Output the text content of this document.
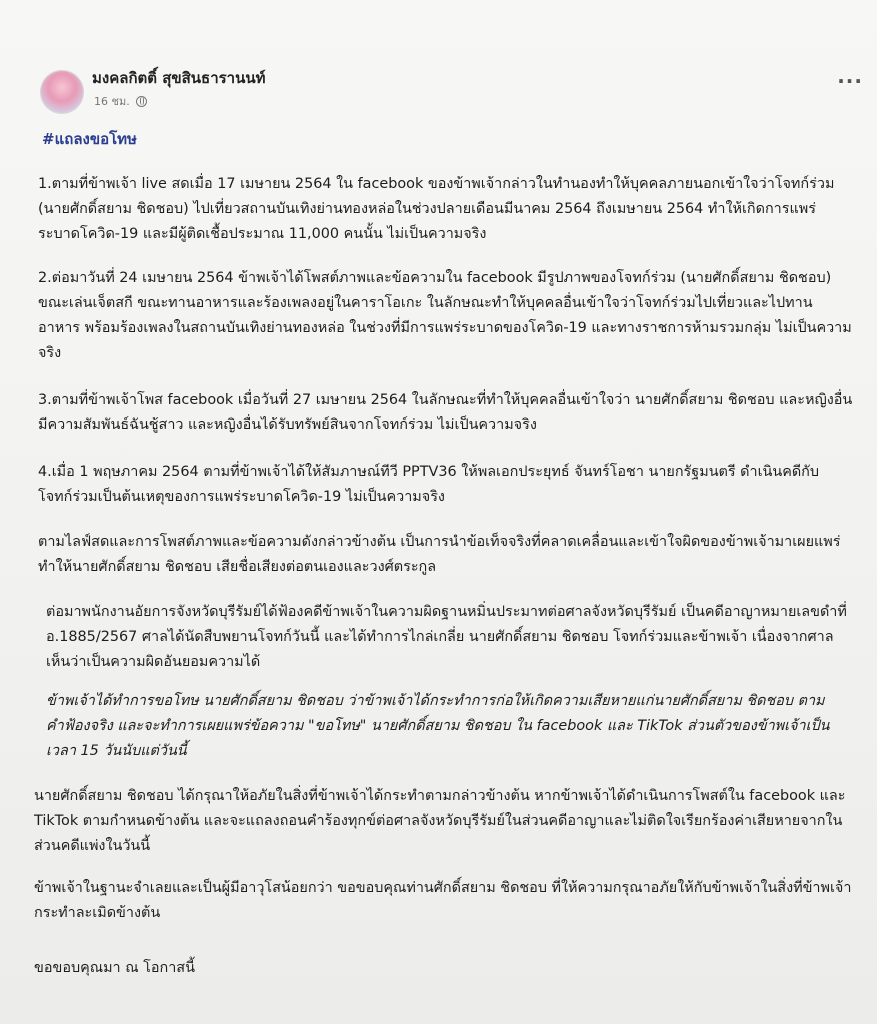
มงคลกิตติ์ สุขสินธารานนท์
16 ชม.
...
#แถลงขอโทษ
1.ตามที่ข้าพเจ้า live สดเมื่อ 17 เมษายน 2564 ใน facebook ของข้าพเจ้ากล่าวในทำนองทำให้บุคคลภายนอกเข้าใจว่าโจทก์ร่วม (นายศักดิ์สยาม ชิดชอบ) ไปเที่ยวสถานบันเทิงย่านทองหล่อในช่วงปลายเดือนมีนาคม 2564 ถึงเมษายน 2564 ทำให้เกิดการแพร่ระบาดโควิด-19 และมีผู้ติดเชื้อประมาณ 11,000 คนนั้น ไม่เป็นความจริง
2.ต่อมาวันที่ 24 เมษายน 2564 ข้าพเจ้าได้โพสต์ภาพและข้อความใน facebook มีรูปภาพของโจทก์ร่วม (นายศักดิ์สยาม ชิดชอบ) ขณะเล่นเจ็ตสกี ขณะทานอาหารและร้องเพลงอยู่ในคาราโอเกะ ในลักษณะทำให้บุคคลอื่นเข้าใจว่าโจทก์ร่วมไปเที่ยวและไปทานอาหาร พร้อมร้องเพลงในสถานบันเทิงย่านทองหล่อ ในช่วงที่มีการแพร่ระบาดของโควิด-19 และทางราชการห้ามรวมกลุ่ม ไม่เป็นความจริง
3.ตามที่ข้าพเจ้าโพส facebook เมื่อวันที่ 27 เมษายน 2564 ในลักษณะที่ทำให้บุคคลอื่นเข้าใจว่า นายศักดิ์สยาม ชิดชอบ และหญิงอื่น มีความสัมพันธ์ฉันชู้สาว และหญิงอื่นได้รับทรัพย์สินจากโจทก์ร่วม ไม่เป็นความจริง
4.เมื่อ 1 พฤษภาคม 2564 ตามที่ข้าพเจ้าได้ให้สัมภาษณ์ทีวี PPTV36 ให้พลเอกประยุทธ์ จันทร์โอชา นายกรัฐมนตรี ดำเนินคดีกับโจทก์ร่วมเป็นต้นเหตุของการแพร่ระบาดโควิด-19 ไม่เป็นความจริง
ตามไลฟ์สดและการโพสต์ภาพและข้อความดังกล่าวข้างต้น เป็นการนำข้อเท็จจริงที่คลาดเคลื่อนและเข้าใจผิดของข้าพเจ้ามาเผยแพร่ทำให้นายศักดิ์สยาม ชิดชอบ เสียชื่อเสียงต่อตนเองและวงศ์ตระกูล
ต่อมาพนักงานอัยการจังหวัดบุรีรัมย์ได้ฟ้องคดีข้าพเจ้าในความผิดฐานหมิ่นประมาทต่อศาลจังหวัดบุรีรัมย์ เป็นคดีอาญาหมายเลขดำที่ อ.1885/2567 ศาลได้นัดสืบพยานโจทก์วันนี้ และได้ทำการไกล่เกลี่ย นายศักดิ์สยาม ชิดชอบ โจทก์ร่วมและข้าพเจ้า เนื่องจากศาลเห็นว่าเป็นความผิดอันยอมความได้
ข้าพเจ้าได้ทำการขอโทษ นายศักดิ์สยาม ชิดชอบ ว่าข้าพเจ้าได้กระทำการก่อให้เกิดความเสียหายแก่นายศักดิ์สยาม ชิดชอบ ตามคำฟ้องจริง และจะทำการเผยแพร่ข้อความ "ขอโทษ" นายศักดิ์สยาม ชิดชอบ ใน facebook และ TikTok ส่วนตัวของข้าพเจ้าเป็นเวลา 15 วันนับแต่วันนี้
นายศักดิ์สยาม ชิดชอบ ได้กรุณาให้อภัยในสิ่งที่ข้าพเจ้าได้กระทำตามกล่าวข้างต้น หากข้าพเจ้าได้ดำเนินการโพสต์ใน facebook และ TikTok ตามกำหนดข้างต้น และจะแถลงถอนคำร้องทุกข์ต่อศาลจังหวัดบุรีรัมย์ในส่วนคดีอาญาและไม่ติดใจเรียกร้องค่าเสียหายจากในส่วนคดีแพ่งในวันนี้
ข้าพเจ้าในฐานะจำเลยและเป็นผู้มีอาวุโสน้อยกว่า ขอขอบคุณท่านศักดิ์สยาม ชิดชอบ ที่ให้ความกรุณาอภัยให้กับข้าพเจ้าในสิ่งที่ข้าพเจ้ากระทำละเมิดข้างต้น
ขอขอบคุณมา ณ โอกาสนี้
